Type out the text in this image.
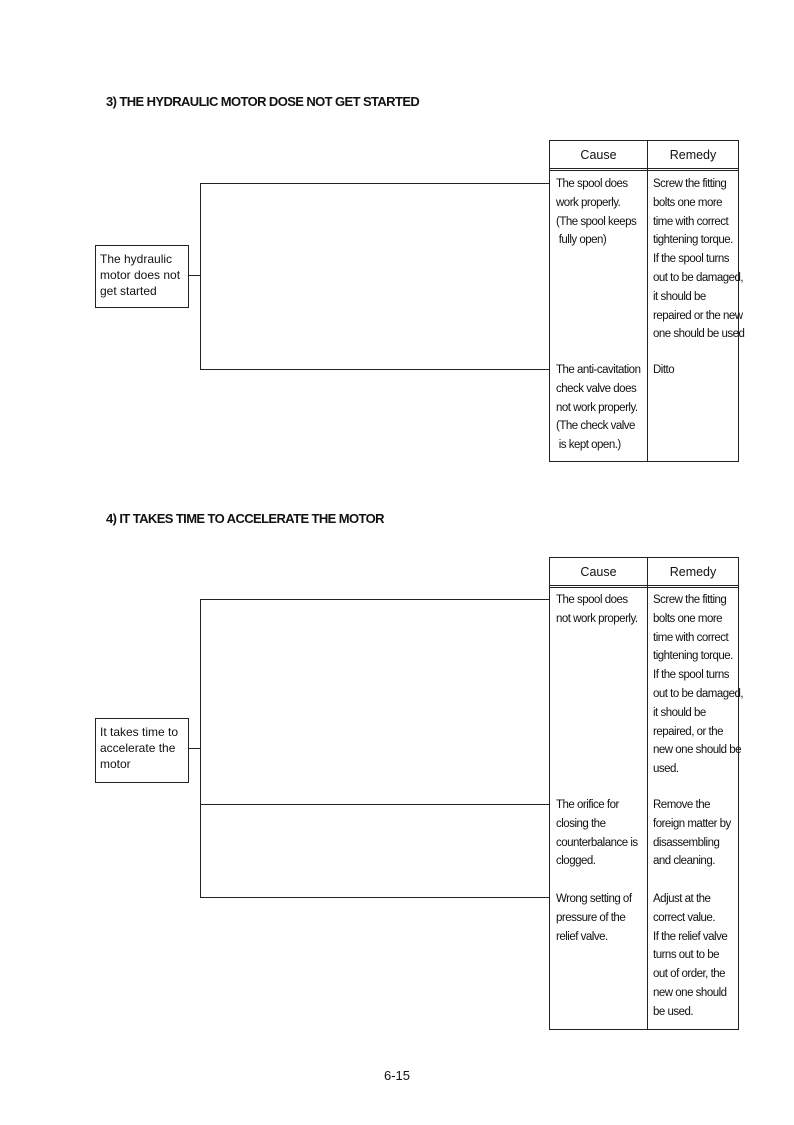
3) THE HYDRAULIC MOTOR DOSE NOT GET STARTED
The hydraulic
motor does not
get started
Cause	Remedy
The spool does
work properly.
(The spool keeps
fully open)
Screw the fitting
bolts one more
time with correct
tightening torque.
If the spool turns
out to be damaged,
it should be
repaired or the new
one should be used
The anti-cavitation
check valve does
not work properly.
(The check valve
is kept open.)
Ditto
4) IT TAKES TIME TO ACCELERATE THE MOTOR
It takes time to
accelerate the
motor
Cause	Remedy
The spool does
not work properly.
Screw the fitting
bolts one more
time with correct
tightening torque.
If the spool turns
out to be damaged,
it should be
repaired, or the
new one should be
used.
The orifice for
closing the
counterbalance is
clogged.
Remove the
foreign matter by
disassembling
and cleaning.
Wrong setting of
pressure of the
relief valve.
Adjust at the
correct value.
If the relief valve
turns out to be
out of order, the
new one should
be used.
6-15
